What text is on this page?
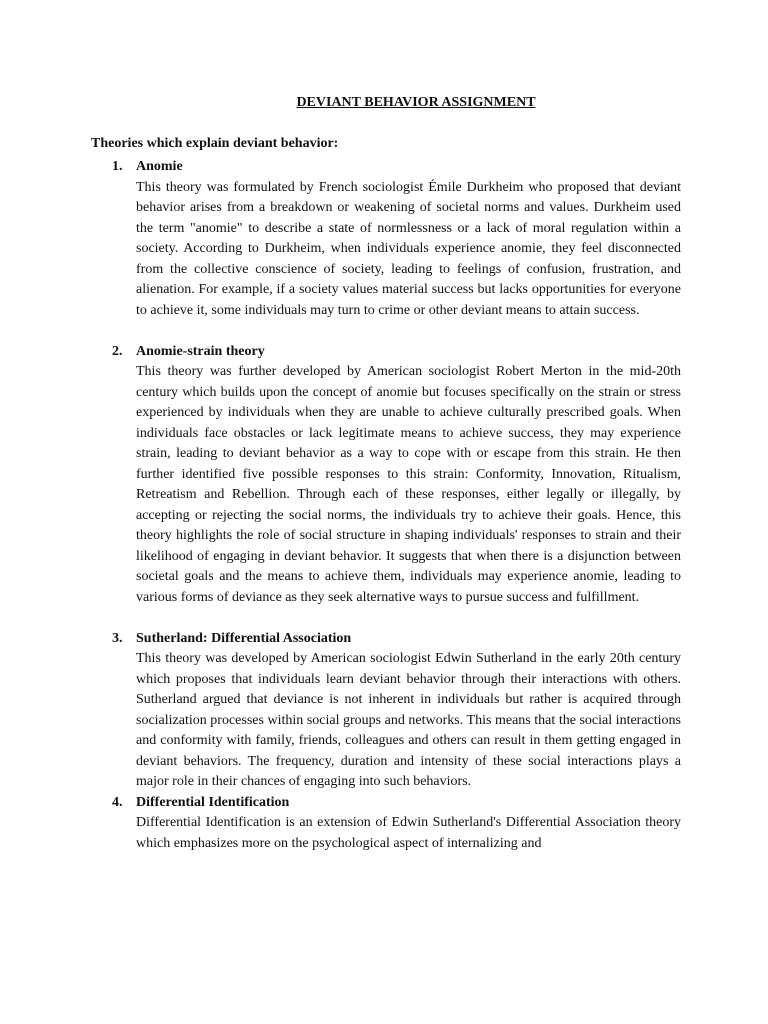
DEVIANT BEHAVIOR ASSIGNMENT
Theories which explain deviant behavior:
1. Anomie

This theory was formulated by French sociologist Émile Durkheim who proposed that deviant behavior arises from a breakdown or weakening of societal norms and values. Durkheim used the term "anomie" to describe a state of normlessness or a lack of moral regulation within a society. According to Durkheim, when individuals experience anomie, they feel disconnected from the collective conscience of society, leading to feelings of confusion, frustration, and alienation. For example, if a society values material success but lacks opportunities for everyone to achieve it, some individuals may turn to crime or other deviant means to attain success.

2. Anomie-strain theory

This theory was further developed by American sociologist Robert Merton in the mid-20th century which builds upon the concept of anomie but focuses specifically on the strain or stress experienced by individuals when they are unable to achieve culturally prescribed goals. When individuals face obstacles or lack legitimate means to achieve success, they may experience strain, leading to deviant behavior as a way to cope with or escape from this strain. He then further identified five possible responses to this strain: Conformity, Innovation, Ritualism, Retreatism and Rebellion. Through each of these responses, either legally or illegally, by accepting or rejecting the social norms, the individuals try to achieve their goals. Hence, this theory highlights the role of social structure in shaping individuals' responses to strain and their likelihood of engaging in deviant behavior. It suggests that when there is a disjunction between societal goals and the means to achieve them, individuals may experience anomie, leading to various forms of deviance as they seek alternative ways to pursue success and fulfillment.

3. Sutherland: Differential Association

This theory was developed by American sociologist Edwin Sutherland in the early 20th century which proposes that individuals learn deviant behavior through their interactions with others. Sutherland argued that deviance is not inherent in individuals but rather is acquired through socialization processes within social groups and networks. This means that the social interactions and conformity with family, friends, colleagues and others can result in them getting engaged in deviant behaviors. The frequency, duration and intensity of these social interactions plays a major role in their chances of engaging into such behaviors.

4. Differential Identification

Differential Identification is an extension of Edwin Sutherland's Differential Association theory which emphasizes more on the psychological aspect of internalizing and
